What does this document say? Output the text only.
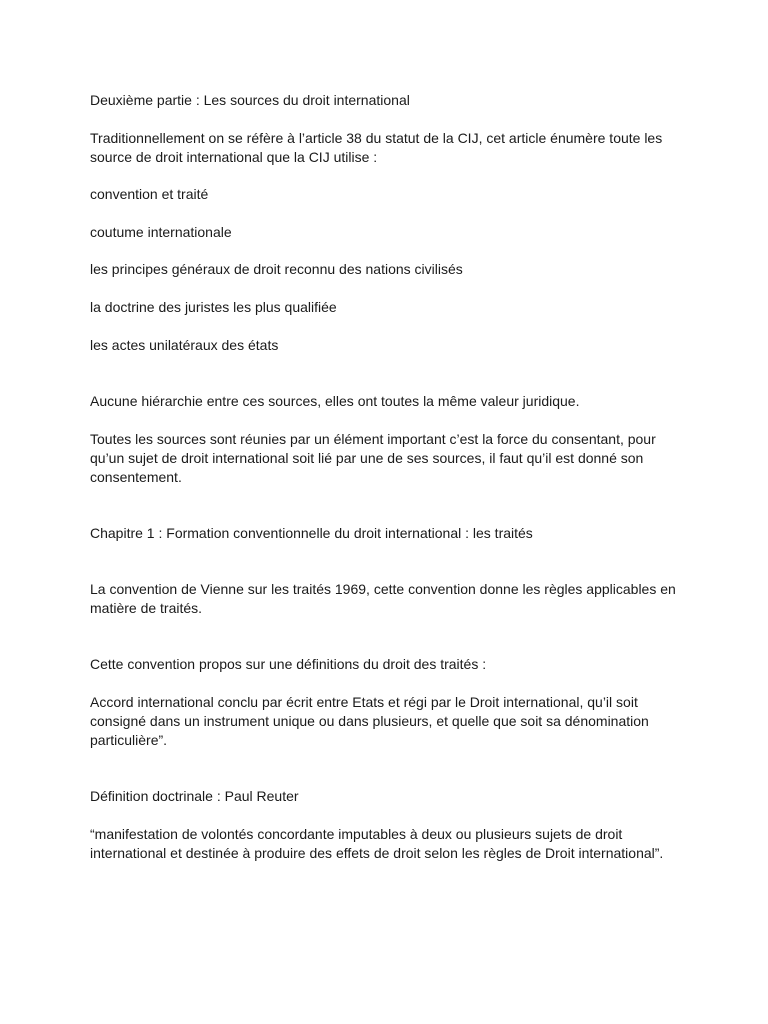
Deuxième partie : Les sources du droit international

Traditionnellement on se réfère à l’article 38 du statut de la CIJ, cet article énumère toute les
source de droit international que la CIJ utilise :

convention et traité

coutume internationale

les principes généraux de droit reconnu des nations civilisés

la doctrine des juristes les plus qualifiée

les actes unilatéraux des états

Aucune hiérarchie entre ces sources, elles ont toutes la même valeur juridique.

Toutes les sources sont réunies par un élément important c’est la force du consentant, pour
qu’un sujet de droit international soit lié par une de ses sources, il faut qu’il est donné son
consentement.

Chapitre 1 : Formation conventionnelle du droit international : les traités

La convention de Vienne sur les traités 1969, cette convention donne les règles applicables en
matière de traités.

Cette convention propos sur une définitions du droit des traités :

Accord international conclu par écrit entre Etats et régi par le Droit international, qu’il soit
consigné dans un instrument unique ou dans plusieurs, et quelle que soit sa dénomination
particulière”.

Définition doctrinale : Paul Reuter

“manifestation de volontés concordante imputables à deux ou plusieurs sujets de droit
international et destinée à produire des effets de droit selon les règles de Droit international”.
